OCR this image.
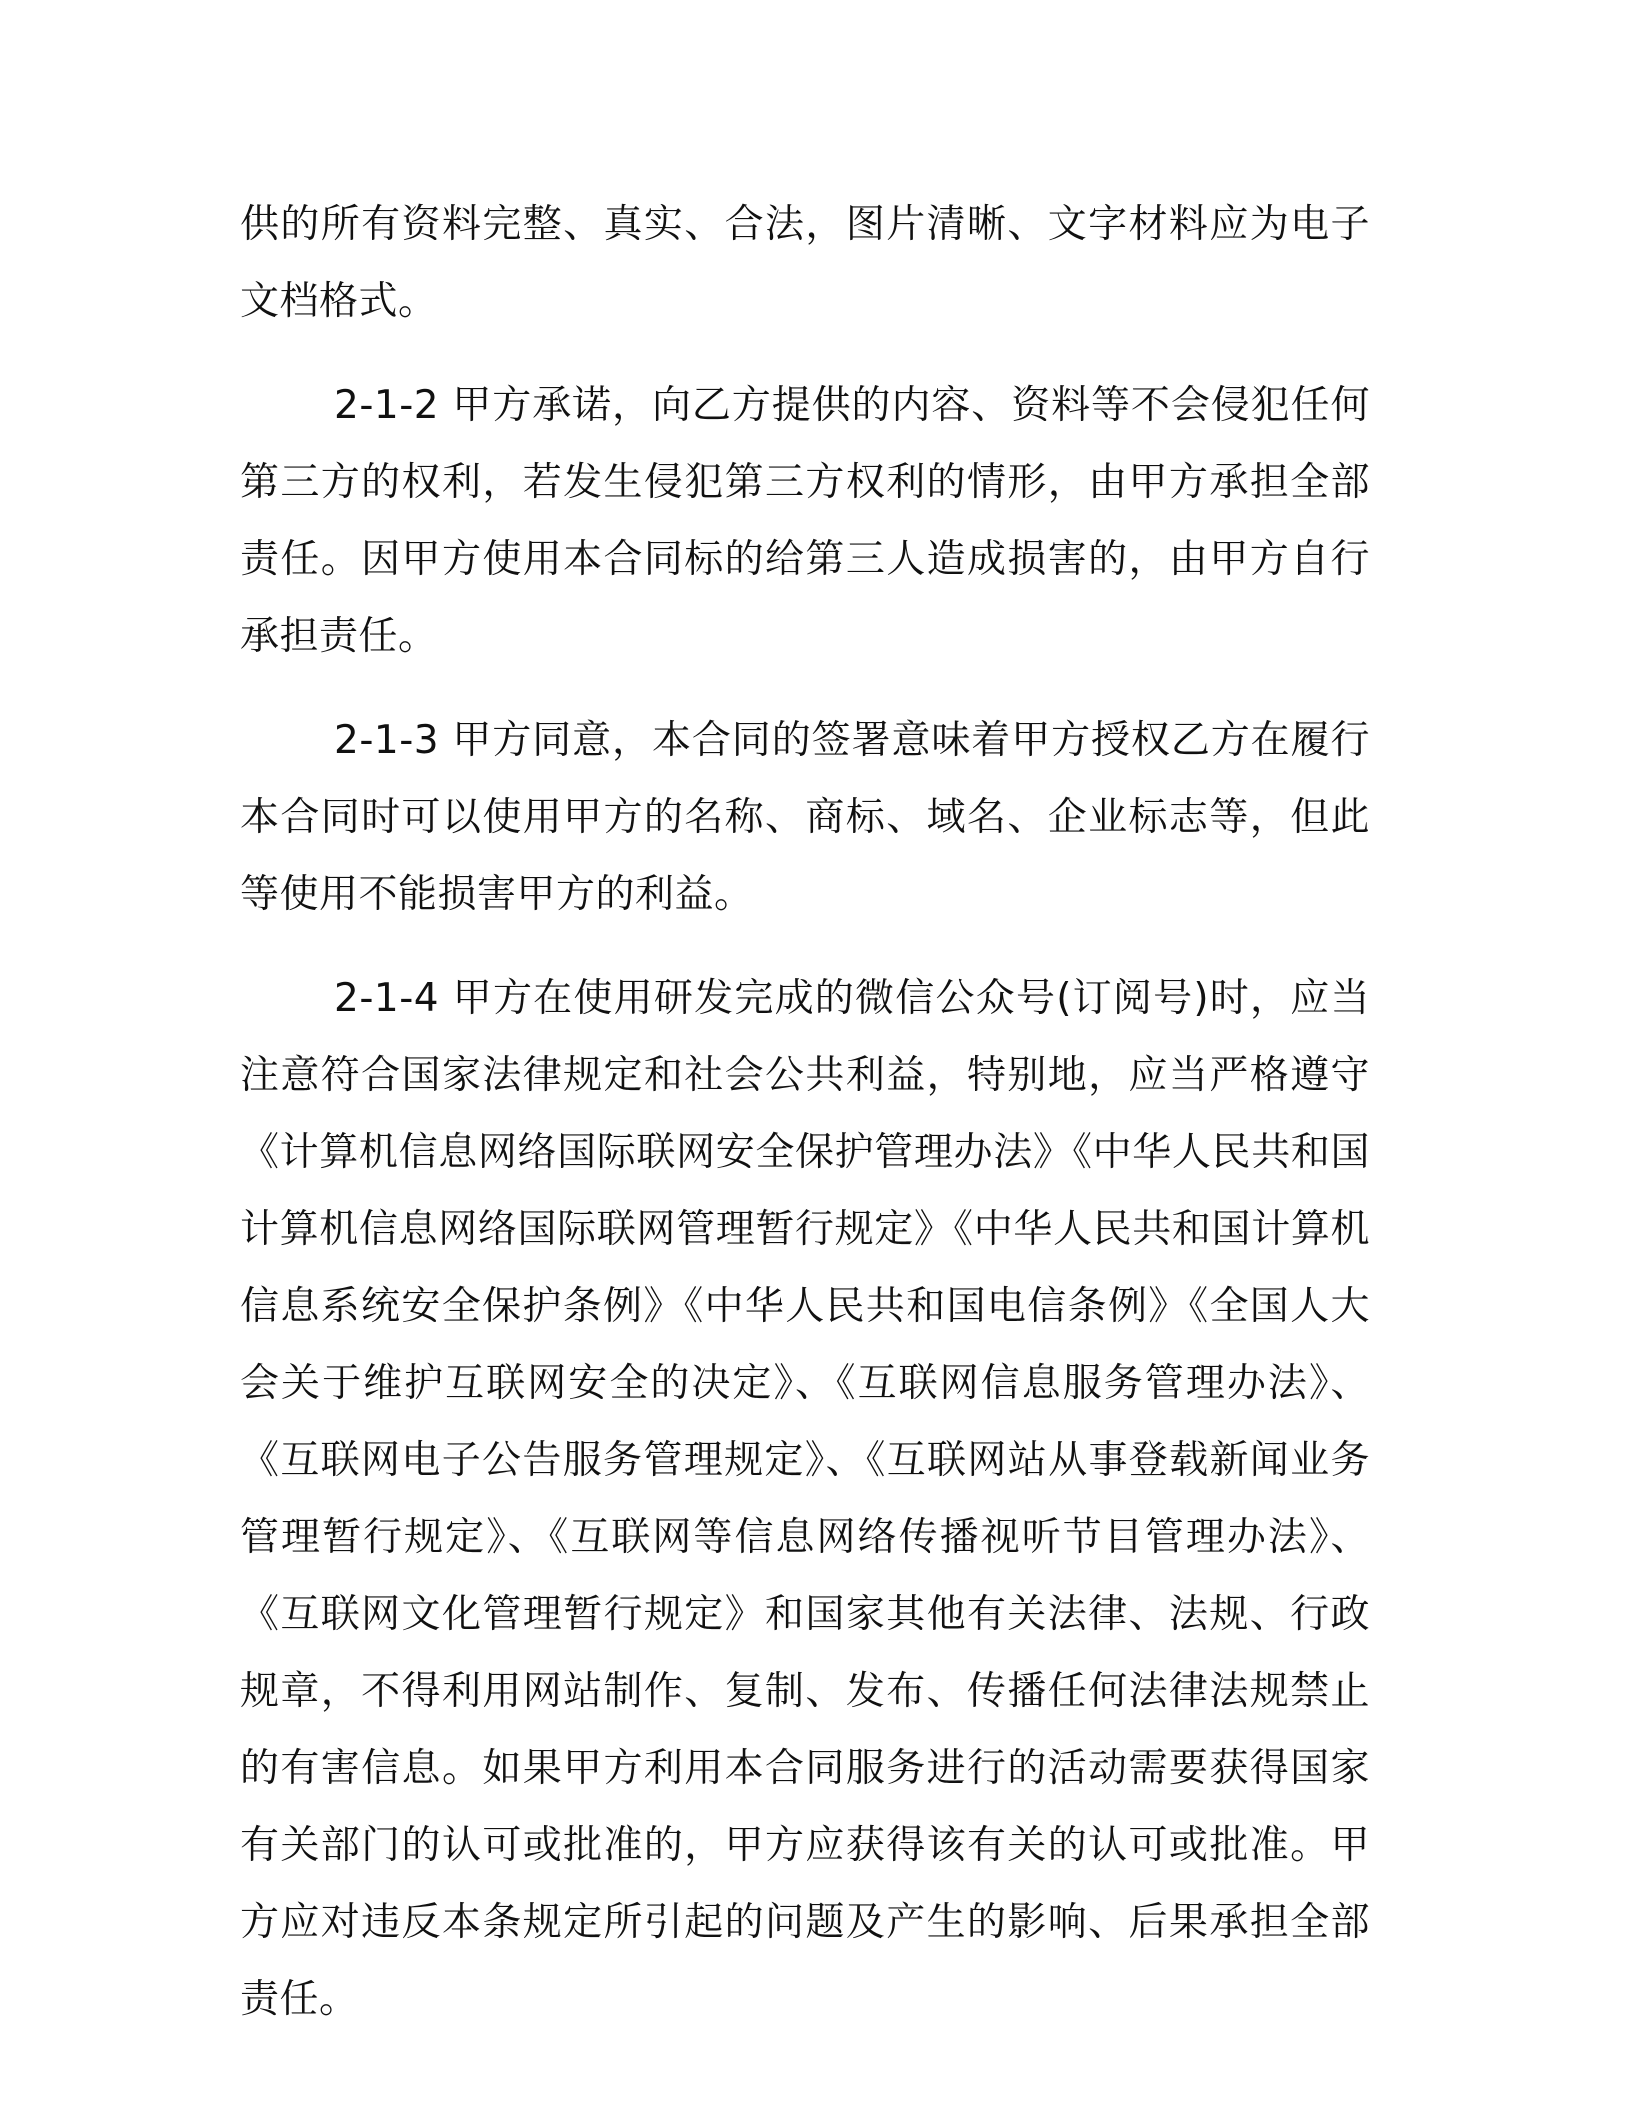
供的所有资料完整、真实、合法，图片清晰、文字材料应为电子文档格式。

2-1-2 甲方承诺，向乙方提供的内容、资料等不会侵犯任何第三方的权利，若发生侵犯第三方权利的情形，由甲方承担全部责任。因甲方使用本合同标的给第三人造成损害的，由甲方自行承担责任。

2-1-3 甲方同意，本合同的签署意味着甲方授权乙方在履行本合同时可以使用甲方的名称、商标、域名、企业标志等，但此等使用不能损害甲方的利益。

2-1-4 甲方在使用研发完成的微信公众号(订阅号)时，应当注意符合国家法律规定和社会公共利益，特别地，应当严格遵守《计算机信息网络国际联网安全保护管理办法》《中华人民共和国计算机信息网络国际联网管理暂行规定》《中华人民共和国计算机信息系统安全保护条例》《中华人民共和国电信条例》《全国人大会关于维护互联网安全的决定》、《互联网信息服务管理办法》、《互联网电子公告服务管理规定》、《互联网站从事登载新闻业务管理暂行规定》、《互联网等信息网络传播视听节目管理办法》、《互联网文化管理暂行规定》和国家其他有关法律、法规、行政规章，不得利用网站制作、复制、发布、传播任何法律法规禁止的有害信息。如果甲方利用本合同服务进行的活动需要获得国家有关部门的认可或批准的，甲方应获得该有关的认可或批准。甲方应对违反本条规定所引起的问题及产生的影响、后果承担全部责任。
